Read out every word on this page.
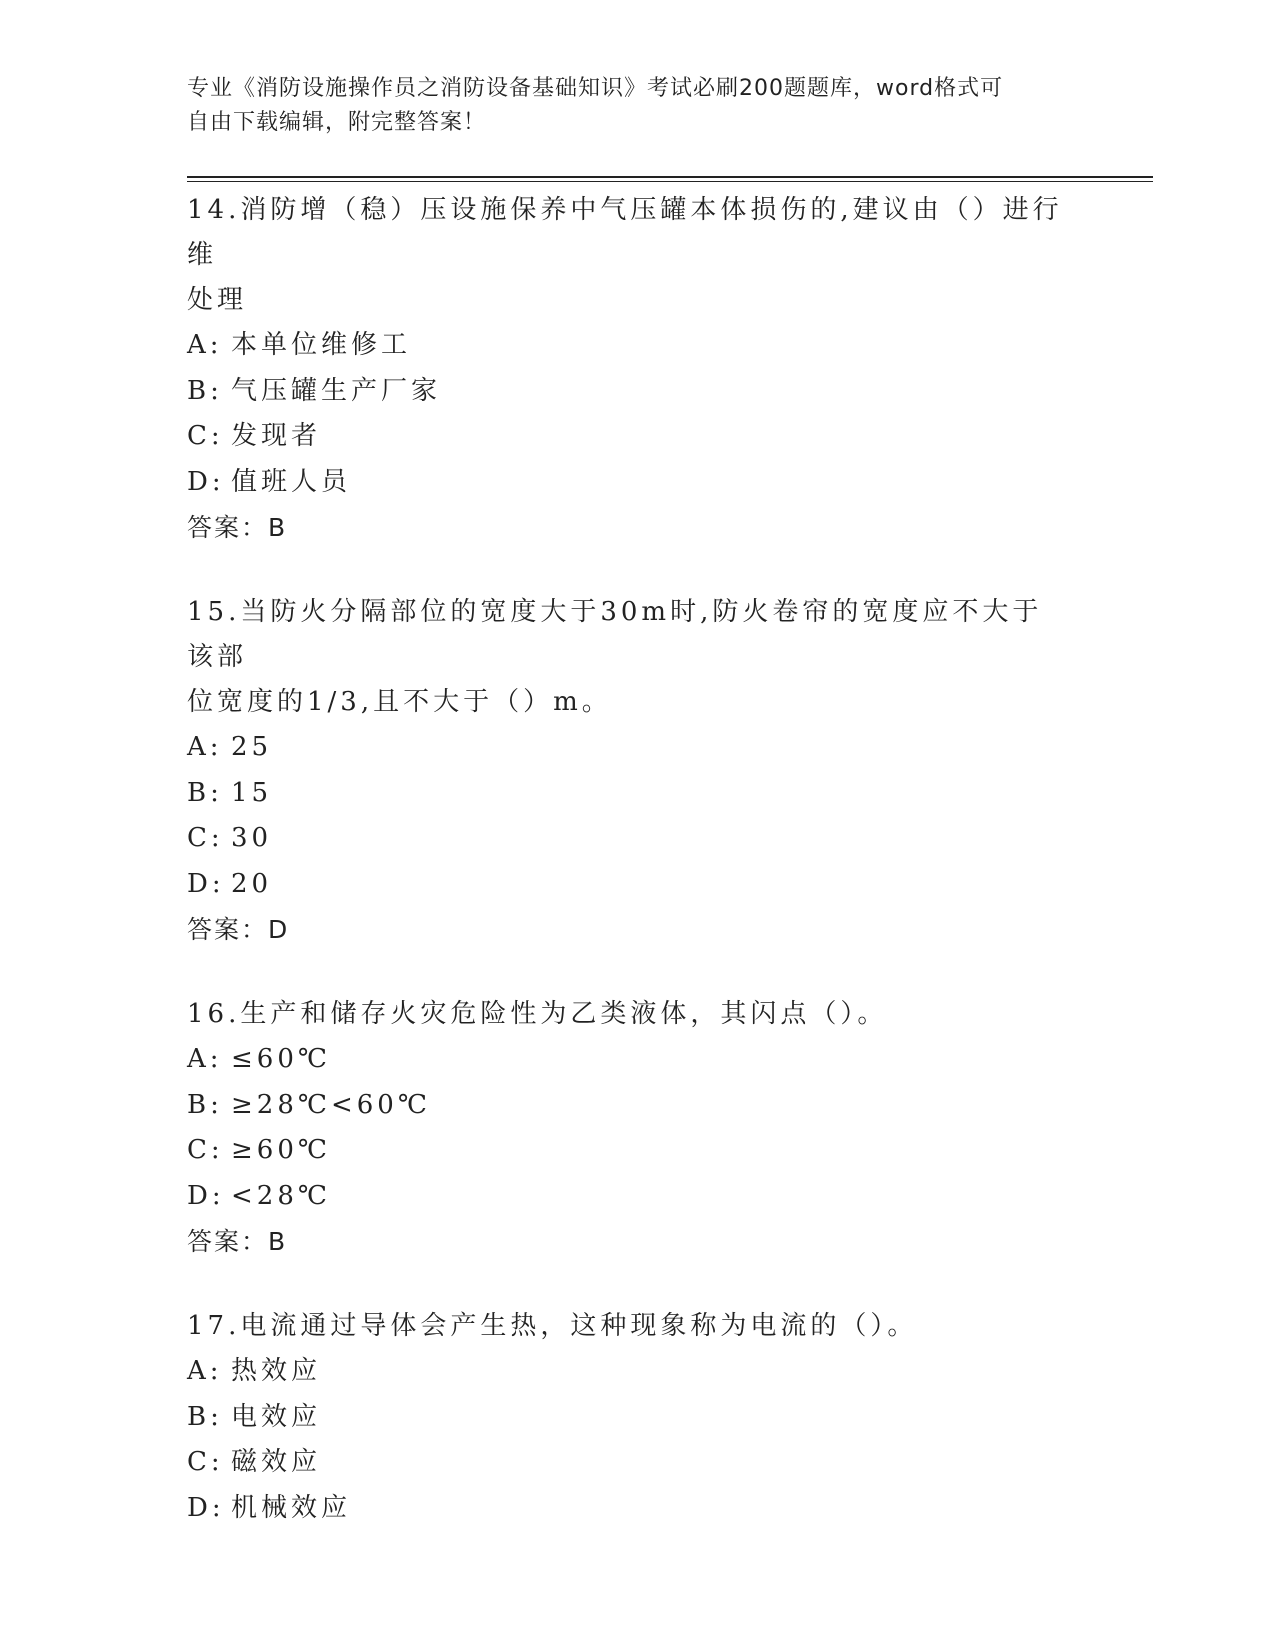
专业《消防设施操作员之消防设备基础知识》考试必刷200题题库，word格式可
自由下载编辑，附完整答案！

14.消防增（稳）压设施保养中气压罐本体损伤的,建议由（）进行维
处理

A: 本单位维修工

B: 气压罐生产厂家

C: 发现者

D: 值班人员

答案：B

15.当防火分隔部位的宽度大于30m时,防火卷帘的宽度应不大于该部
位宽度的1/3,且不大于（）m。

A: 25

B: 15

C: 30

D: 20

答案：D

16.生产和储存火灾危险性为乙类液体，其闪点（）。

A: ≤60℃

B: ≥28℃<60℃

C: ≥60℃

D: <28℃

答案：B

17.电流通过导体会产生热，这种现象称为电流的（）。

A: 热效应

B: 电效应

C: 磁效应

D: 机械效应
